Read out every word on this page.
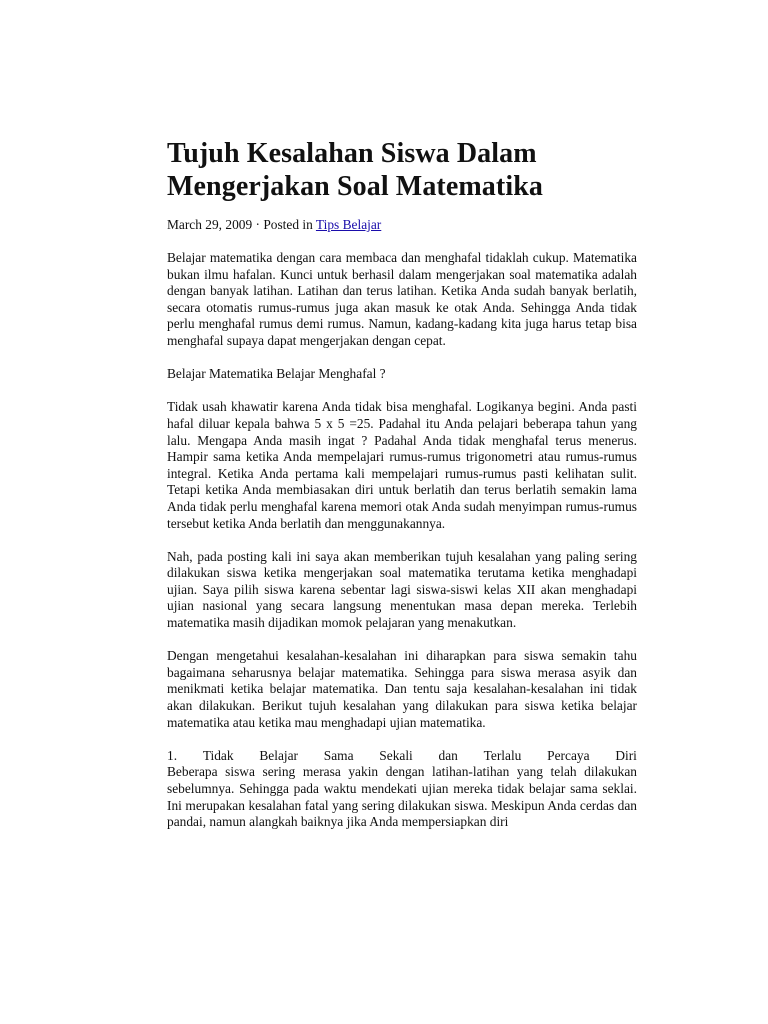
Tujuh Kesalahan Siswa Dalam Mengerjakan Soal Matematika
March 29, 2009 · Posted in Tips Belajar

Belajar matematika dengan cara membaca dan menghafal tidaklah cukup. Matematika bukan ilmu hafalan. Kunci untuk berhasil dalam mengerjakan soal matematika adalah dengan banyak latihan. Latihan dan terus latihan. Ketika Anda sudah banyak berlatih, secara otomatis rumus-rumus juga akan masuk ke otak Anda. Sehingga Anda tidak perlu menghafal rumus demi rumus. Namun, kadang-kadang kita juga harus tetap bisa menghafal supaya dapat mengerjakan dengan cepat.

Belajar Matematika Belajar Menghafal ?

Tidak usah khawatir karena Anda tidak bisa menghafal. Logikanya begini. Anda pasti hafal diluar kepala bahwa 5 x 5 =25. Padahal itu Anda pelajari beberapa tahun yang lalu. Mengapa Anda masih ingat ? Padahal Anda tidak menghafal terus menerus. Hampir sama ketika Anda mempelajari rumus-rumus trigonometri atau rumus-rumus integral. Ketika Anda pertama kali mempelajari rumus-rumus pasti kelihatan sulit. Tetapi ketika Anda membiasakan diri untuk berlatih dan terus berlatih semakin lama Anda tidak perlu menghafal karena memori otak Anda sudah menyimpan rumus-rumus tersebut ketika Anda berlatih dan menggunakannya.

Nah, pada posting kali ini saya akan memberikan tujuh kesalahan yang paling sering dilakukan siswa ketika mengerjakan soal matematika terutama ketika menghadapi ujian. Saya pilih siswa karena sebentar lagi siswa-siswi kelas XII akan menghadapi ujian nasional yang secara langsung menentukan masa depan mereka. Terlebih matematika masih dijadikan momok pelajaran yang menakutkan.

Dengan mengetahui kesalahan-kesalahan ini diharapkan para siswa semakin tahu bagaimana seharusnya belajar matematika. Sehingga para siswa merasa asyik dan menikmati ketika belajar matematika. Dan tentu saja kesalahan-kesalahan ini tidak akan dilakukan. Berikut tujuh kesalahan yang dilakukan para siswa ketika belajar matematika atau ketika mau menghadapi ujian matematika.

1. Tidak Belajar Sama Sekali dan Terlalu Percaya Diri

Beberapa siswa sering merasa yakin dengan latihan-latihan yang telah dilakukan sebelumnya. Sehingga pada waktu mendekati ujian mereka tidak belajar sama seklai. Ini merupakan kesalahan fatal yang sering dilakukan siswa. Meskipun Anda cerdas dan pandai, namun alangkah baiknya jika Anda mempersiapkan diri
